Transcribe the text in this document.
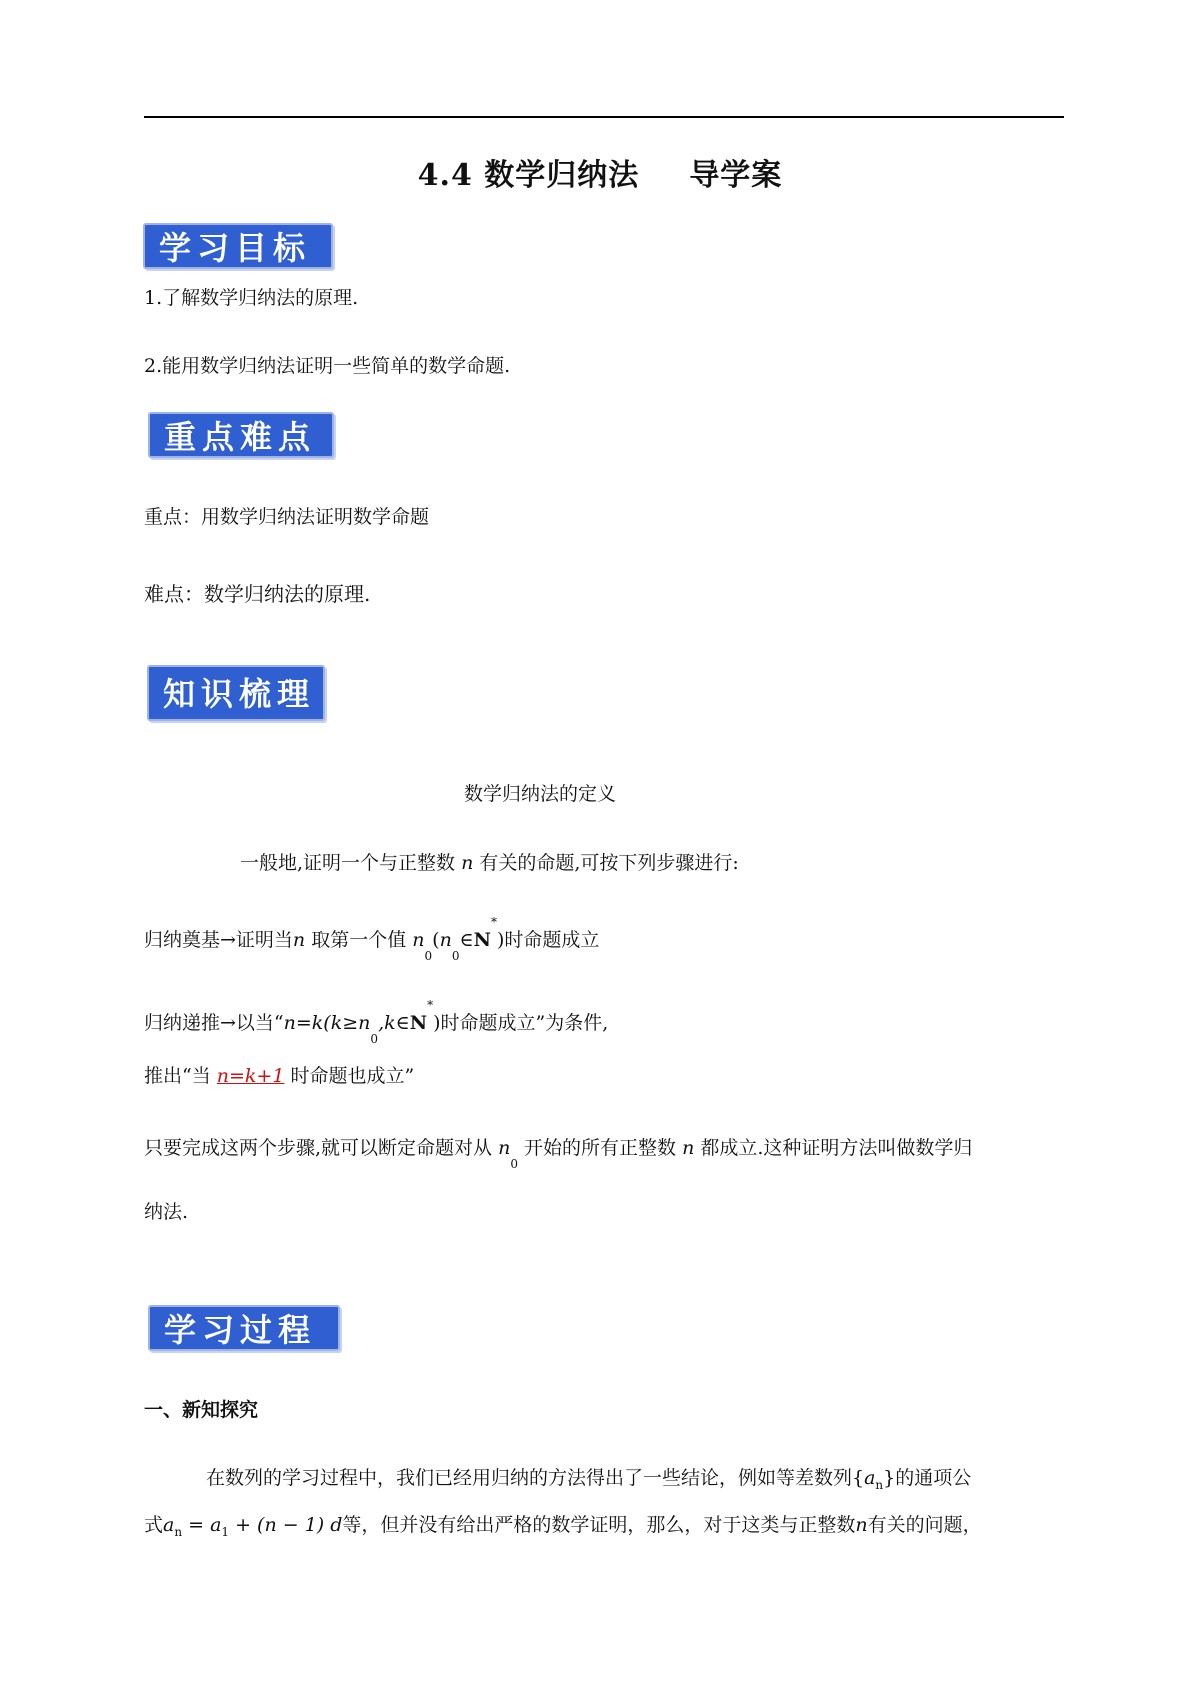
4.4 数学归纳法 导学案
学习目标
1.了解数学归纳法的原理.
2.能用数学归纳法证明一些简单的数学命题.
重点难点
重点：用数学归纳法证明数学命题
难点：数学归纳法的原理.
知识梳理
数学归纳法的定义
一般地,证明一个与正整数 n 有关的命题,可按下列步骤进行:
归纳奠基→证明当n 取第一个值 $n_0(n_0\in N^*)$时命题成立
归纳递推→以当“$n=k(k\ge n_0,k\in N^*)$时命题成立”为条件,
推出“当 n=k+1 时命题也成立”
只要完成这两个步骤,就可以断定命题对从 $n_0$ 开始的所有正整数 n 都成立.这种证明方法叫做数学归
纳法.
学习过程
一、新知探究
在数列的学习过程中，我们已经用归纳的方法得出了一些结论，例如等差数列$\{a_n\}$的通项公
式$a_n = a_1 + (n - 1)$ d等，但并没有给出严格的数学证明，那么，对于这类与正整数n有关的问题，
